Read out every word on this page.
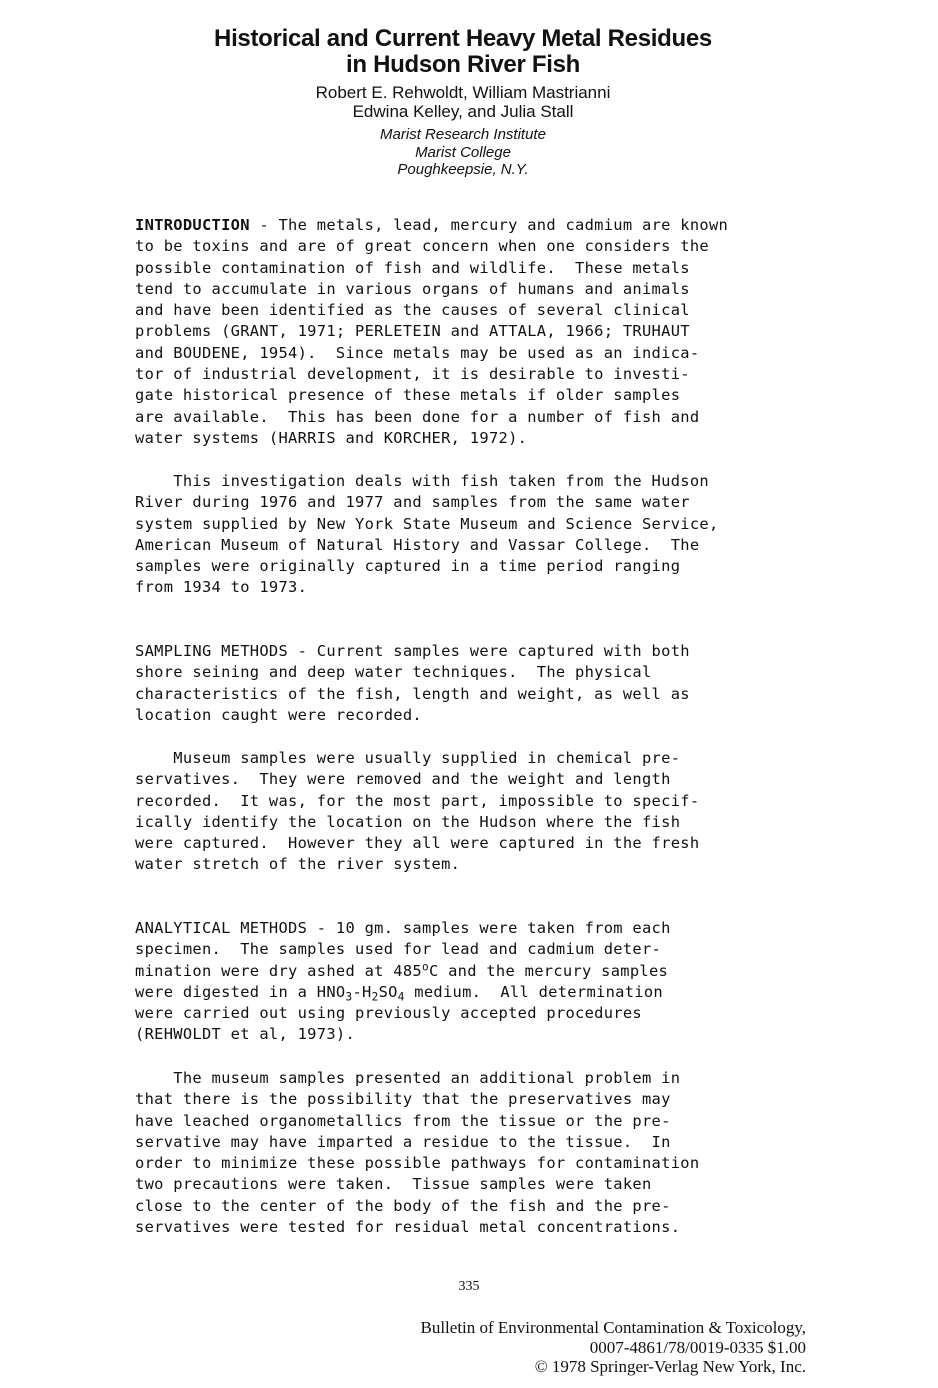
Historical and Current Heavy Metal Residues
in Hudson River Fish
Robert E. Rehwoldt, William Mastrianni
Edwina Kelley, and Julia Stall
Marist Research Institute
Marist College
Poughkeepsie, N.Y.
INTRODUCTION - The metals, lead, mercury and cadmium are known
to be toxins and are of great concern when one considers the
possible contamination of fish and wildlife.  These metals
tend to accumulate in various organs of humans and animals
and have been identified as the causes of several clinical
problems (GRANT, 1971; PERLETEIN and ATTALA, 1966; TRUHAUT
and BOUDENE, 1954).  Since metals may be used as an indica-
tor of industrial development, it is desirable to investi-
gate historical presence of these metals if older samples
are available.  This has been done for a number of fish and
water systems (HARRIS and KORCHER, 1972).
This investigation deals with fish taken from the Hudson
River during 1976 and 1977 and samples from the same water
system supplied by New York State Museum and Science Service,
American Museum of Natural History and Vassar College.  The
samples were originally captured in a time period ranging
from 1934 to 1973.
SAMPLING METHODS - Current samples were captured with both
shore seining and deep water techniques.  The physical
characteristics of the fish, length and weight, as well as
location caught were recorded.
Museum samples were usually supplied in chemical pre-
servatives.  They were removed and the weight and length
recorded.  It was, for the most part, impossible to specif-
ically identify the location on the Hudson where the fish
were captured.  However they all were captured in the fresh
water stretch of the river system.
ANALYTICAL METHODS - 10 gm. samples were taken from each
specimen.  The samples used for lead and cadmium deter-
mination were dry ashed at 485$^o$C and the mercury samples
were digested in a $HNO_3-H_2SO_4$ medium.  All determination
were carried out using previously accepted procedures
(REHWOLDT et al, 1973).
The museum samples presented an additional problem in
that there is the possibility that the preservatives may
have leached organometallics from the tissue or the pre-
servative may have imparted a residue to the tissue.  In
order to minimize these possible pathways for contamination
two precautions were taken.  Tissue samples were taken
close to the center of the body of the fish and the pre-
servatives were tested for residual metal concentrations.
335
Bulletin of Environmental Contamination & Toxicology,
0007-4861/78/0019-0335 $1.00
© 1978 Springer-Verlag New York, Inc.
